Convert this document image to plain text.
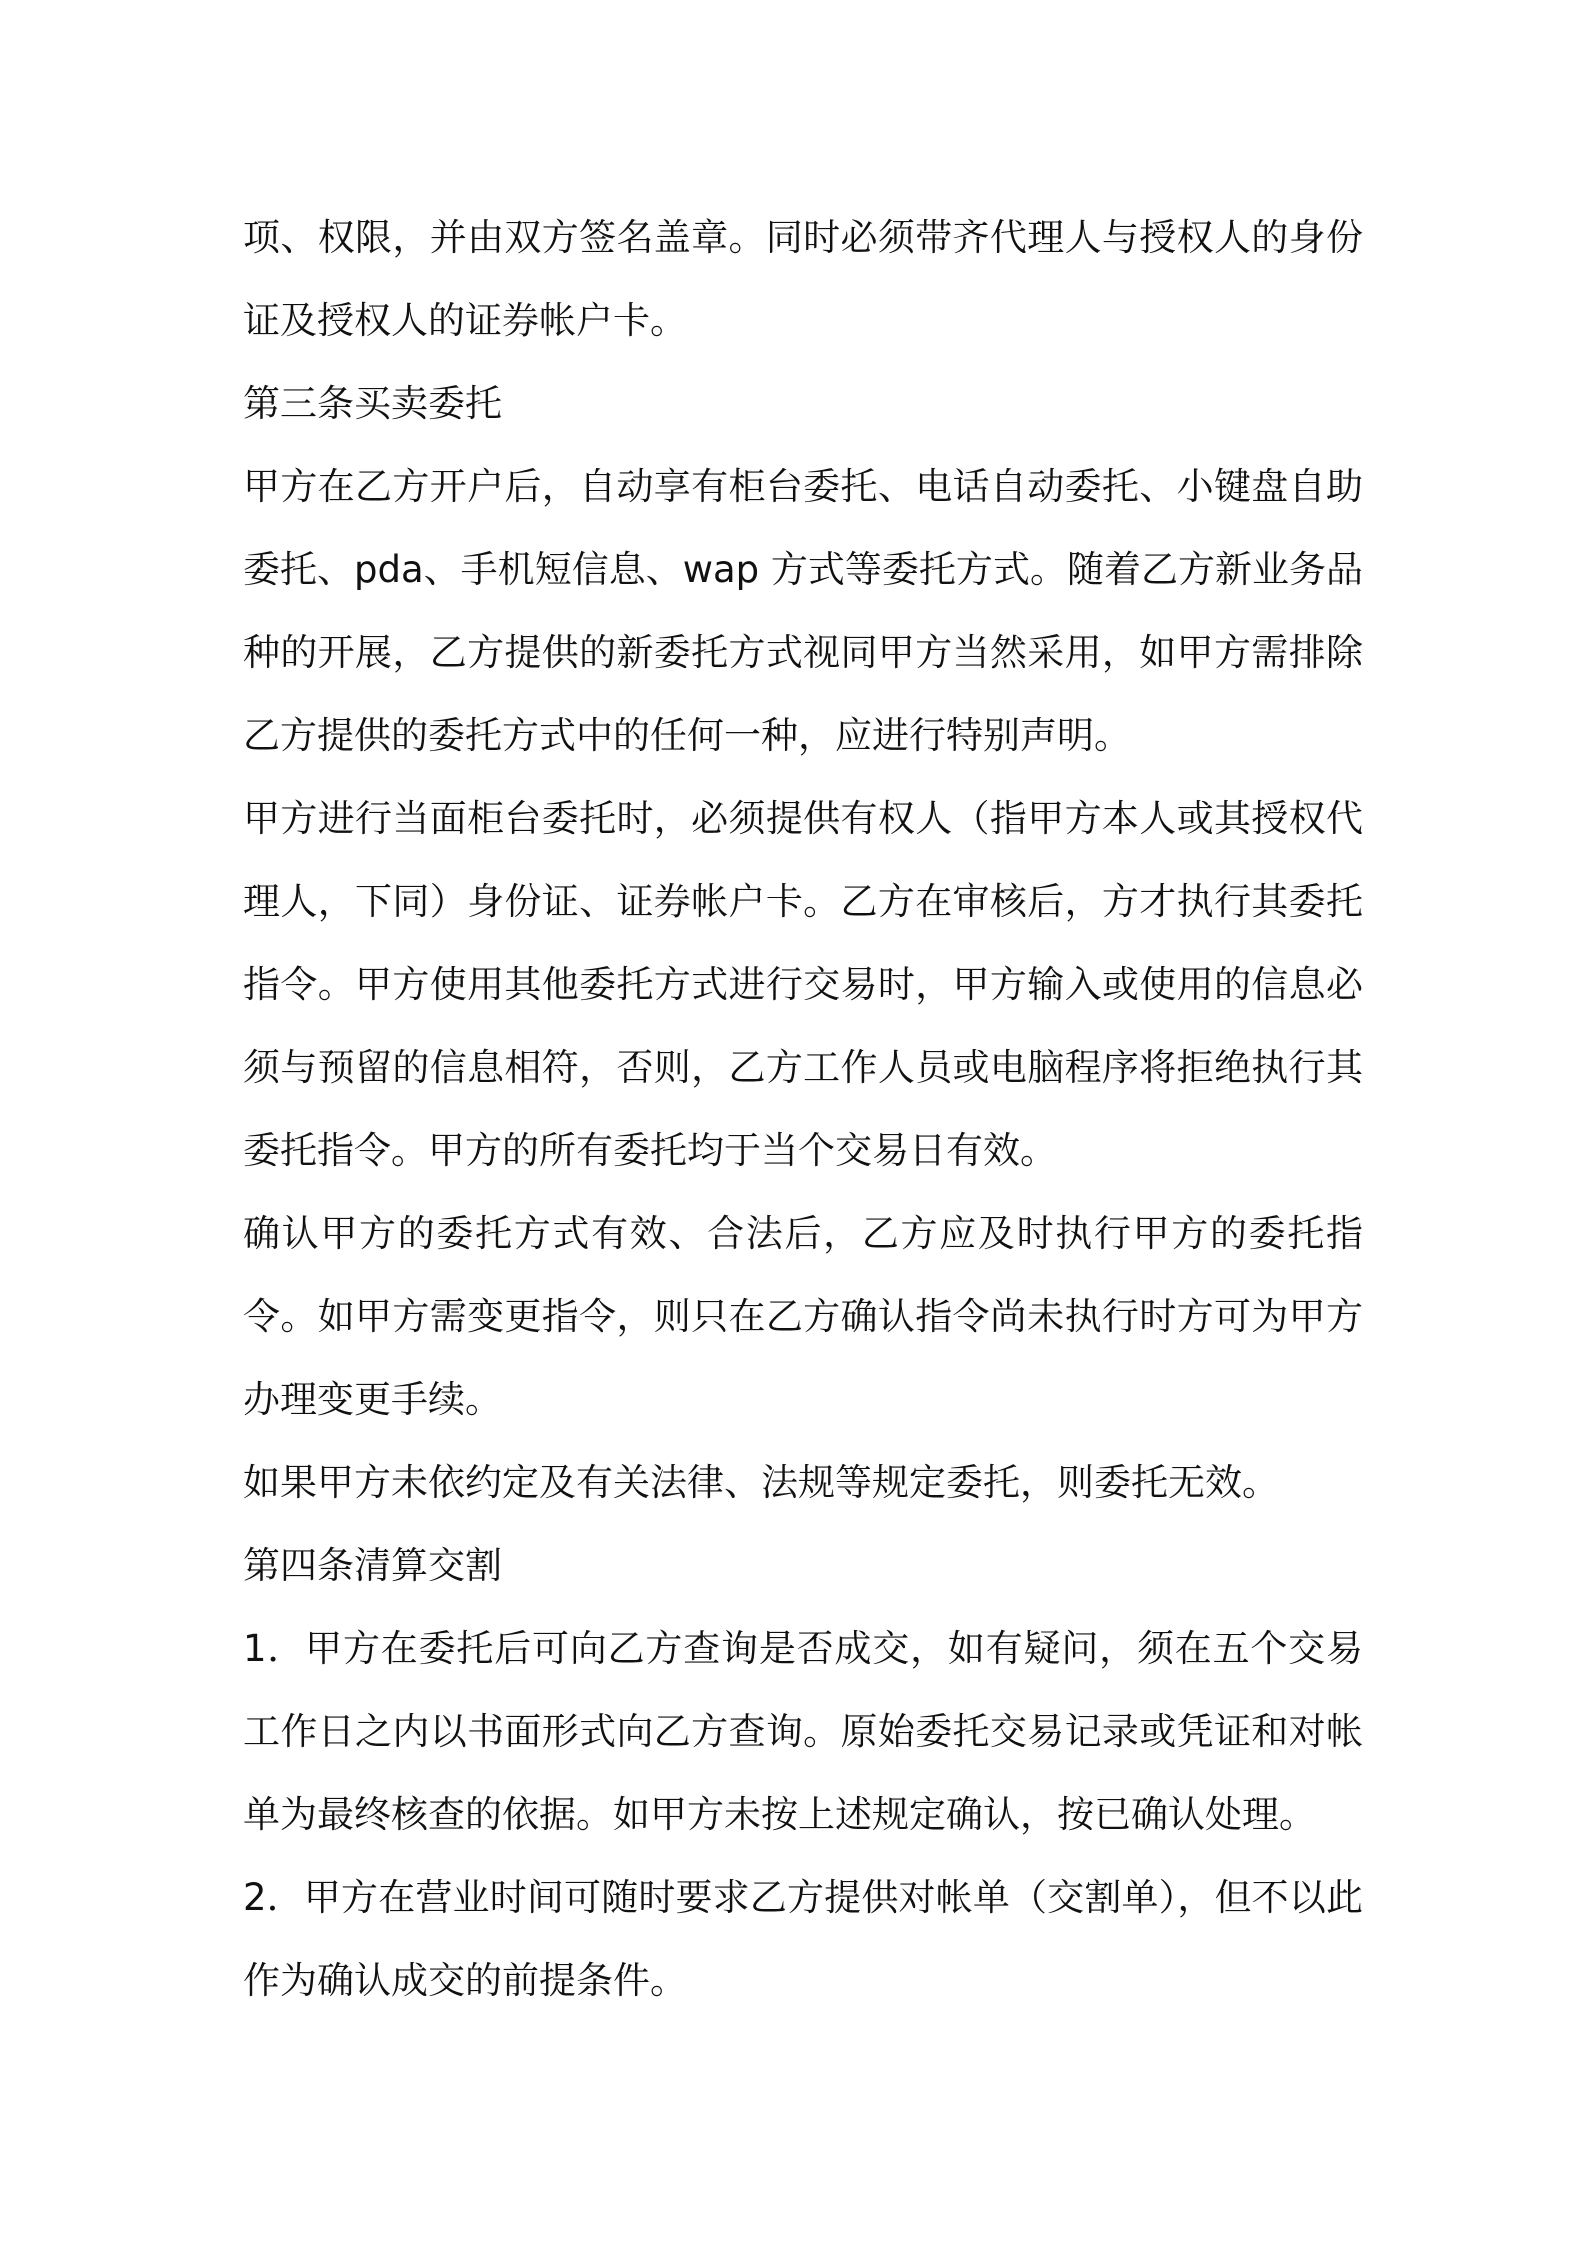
项、权限，并由双方签名盖章。同时必须带齐代理人与授权人的身份证及授权人的证券帐户卡。

第三条买卖委托

甲方在乙方开户后，自动享有柜台委托、电话自动委托、小键盘自助委托、pda、手机短信息、wap 方式等委托方式。随着乙方新业务品种的开展，乙方提供的新委托方式视同甲方当然采用，如甲方需排除乙方提供的委托方式中的任何一种，应进行特别声明。

甲方进行当面柜台委托时，必须提供有权人（指甲方本人或其授权代理人，下同）身份证、证券帐户卡。乙方在审核后，方才执行其委托指令。甲方使用其他委托方式进行交易时，甲方输入或使用的信息必须与预留的信息相符，否则，乙方工作人员或电脑程序将拒绝执行其委托指令。甲方的所有委托均于当个交易日有效。

确认甲方的委托方式有效、合法后，乙方应及时执行甲方的委托指令。如甲方需变更指令，则只在乙方确认指令尚未执行时方可为甲方办理变更手续。

如果甲方未依约定及有关法律、法规等规定委托，则委托无效。

第四条清算交割

1．甲方在委托后可向乙方查询是否成交，如有疑问，须在五个交易工作日之内以书面形式向乙方查询。原始委托交易记录或凭证和对帐单为最终核查的依据。如甲方未按上述规定确认，按已确认处理。

2．甲方在营业时间可随时要求乙方提供对帐单（交割单），但不以此作为确认成交的前提条件。
